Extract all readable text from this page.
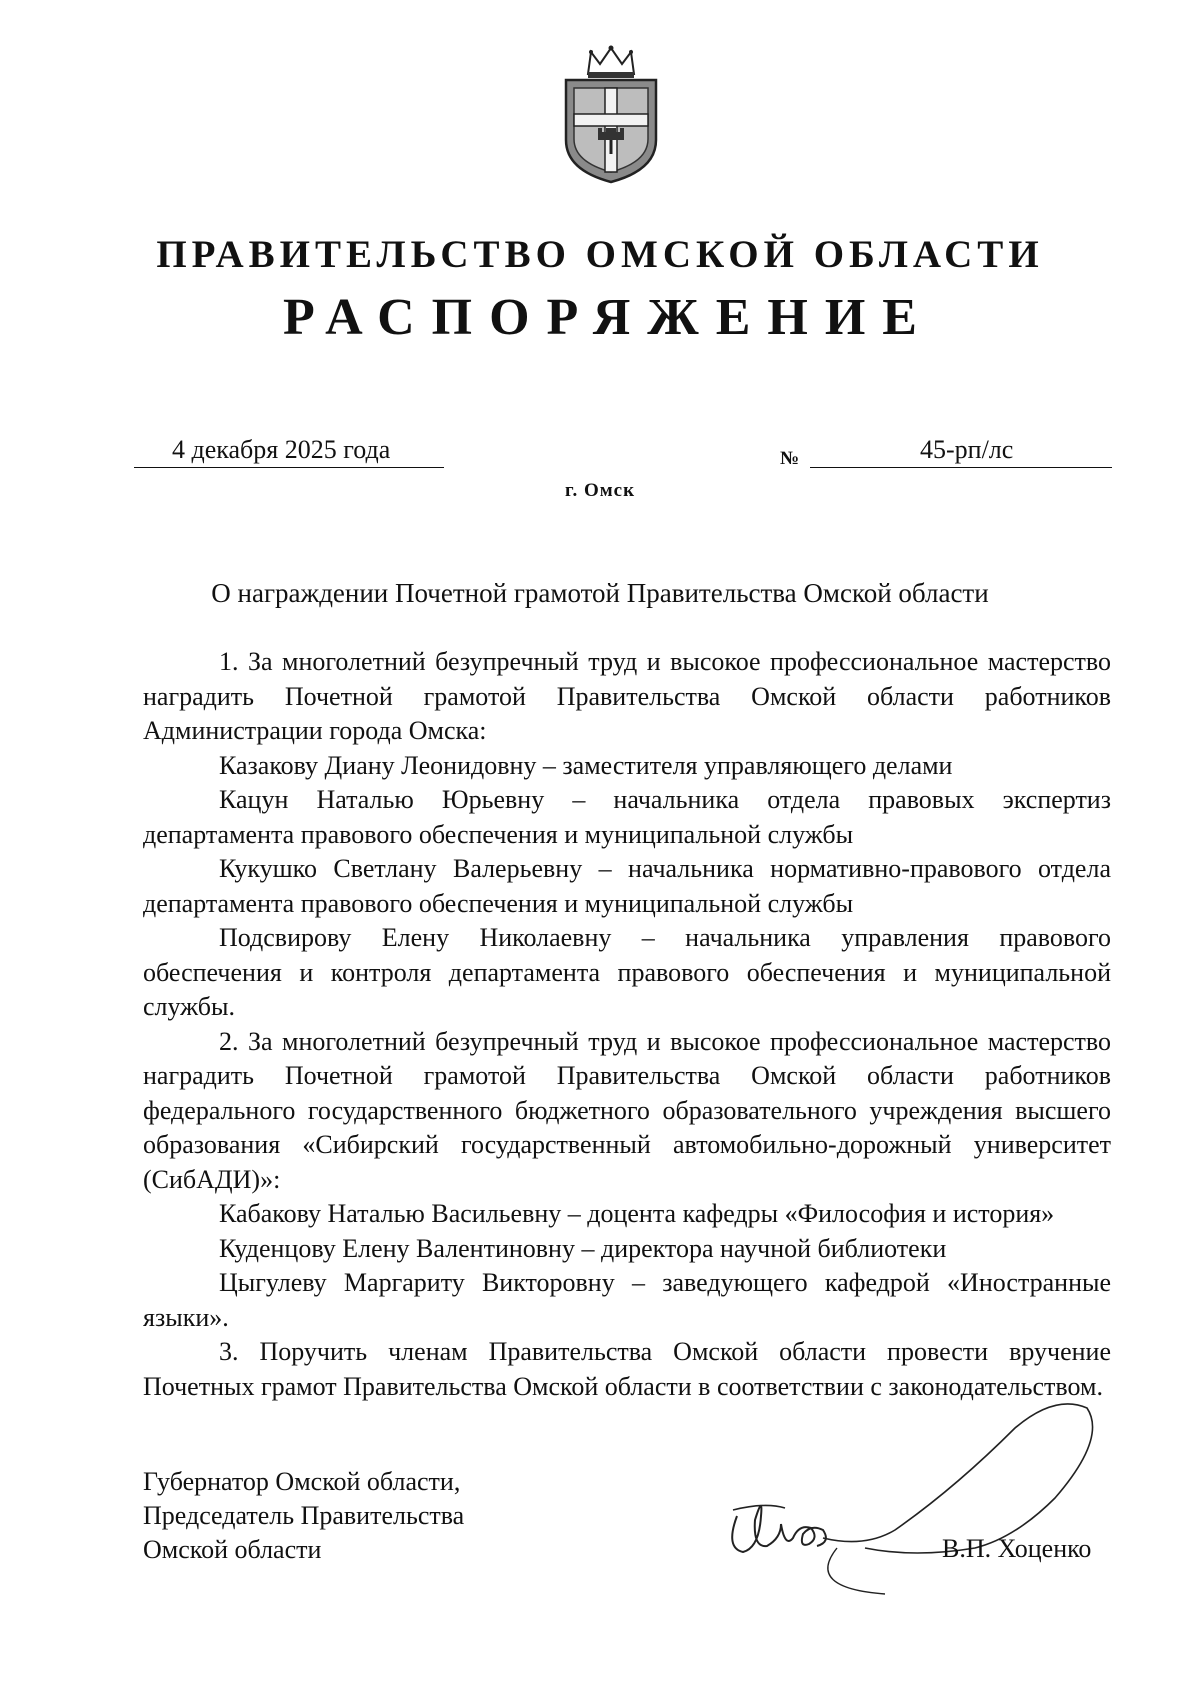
ПРАВИТЕЛЬСТВО ОМСКОЙ ОБЛАСТИ
РАСПОРЯЖЕНИЕ
4 декабря 2025 года	№	45-рп/лс
г. Омск
О награждении Почетной грамотой Правительства Омской области

1. За многолетний безупречный труд и высокое профессиональное мастерство наградить Почетной грамотой Правительства Омской области работников Администрации города Омска:

Казакову Диану Леонидовну – заместителя управляющего делами

Кацун Наталью Юрьевну – начальника отдела правовых экспертиз департамента правового обеспечения и муниципальной службы

Кукушко Светлану Валерьевну – начальника нормативно-правового отдела департамента правового обеспечения и муниципальной службы

Подсвирову Елену Николаевну – начальника управления правового обеспечения и контроля департамента правового обеспечения и муниципальной службы.

2. За многолетний безупречный труд и высокое профессиональное мастерство наградить Почетной грамотой Правительства Омской области работников федерального государственного бюджетного образовательного учреждения высшего образования «Сибирский государственный автомобильно-дорожный университет (СибАДИ)»:

Кабакову Наталью Васильевну – доцента кафедры «Философия и история»

Куденцову Елену Валентиновну – директора научной библиотеки

Цыгулеву Маргариту Викторовну – заведующего кафедрой «Иностранные языки».

3. Поручить членам Правительства Омской области провести вручение Почетных грамот Правительства Омской области в соответствии с законодательством.

Губернатор Омской области,
Председатель Правительства
Омской области	В.П. Хоценко
